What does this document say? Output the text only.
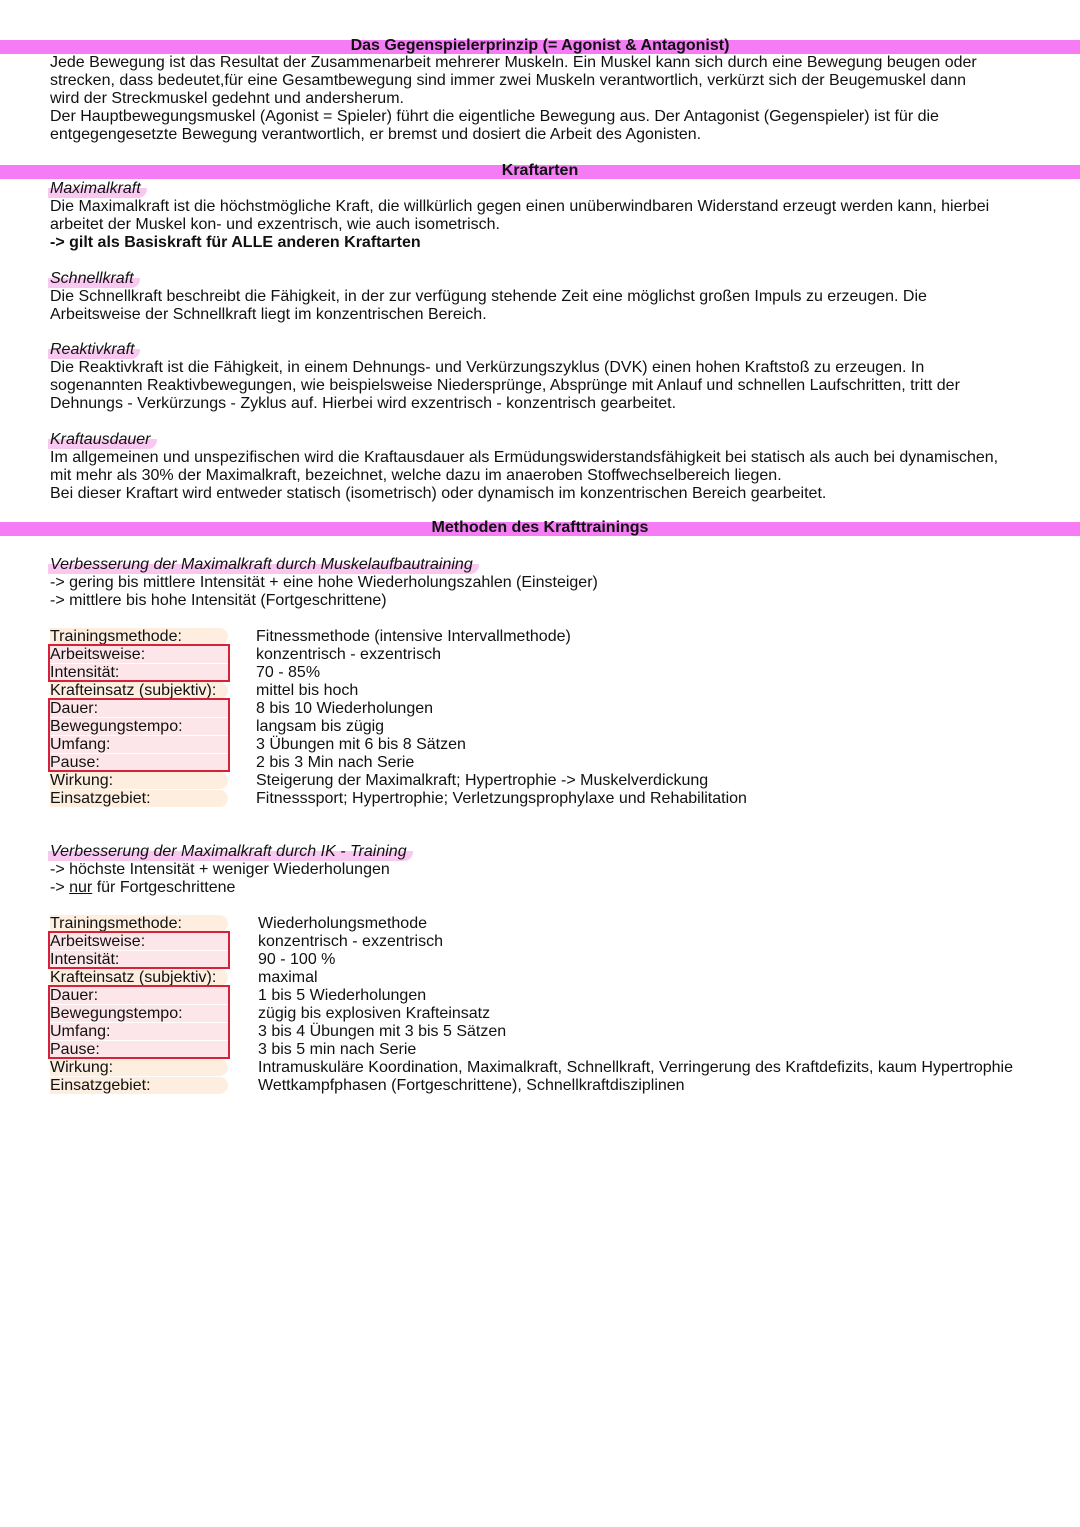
Das Gegenspielerprinzip (= Agonist & Antagonist)

Jede Bewegung ist das Resultat der Zusammenarbeit mehrerer Muskeln. Ein Muskel kann sich durch eine Bewegung beugen oder

strecken, dass bedeutet,für eine Gesamtbewegung sind immer zwei Muskeln verantwortlich, verkürzt sich der Beugemuskel dann

wird der Streckmuskel gedehnt und andersherum.

Der Hauptbewegungsmuskel (Agonist = Spieler) führt die eigentliche Bewegung aus. Der Antagonist (Gegenspieler) ist für die

entgegengesetzte Bewegung verantwortlich, er bremst und dosiert die Arbeit des Agonisten.

Kraftarten

Maximalkraft

Die Maximalkraft ist die höchstmögliche Kraft, die willkürlich gegen einen unüberwindbaren Widerstand erzeugt werden kann, hierbei

arbeitet der Muskel kon- und exzentrisch, wie auch isometrisch.

-> gilt als Basiskraft für ALLE anderen Kraftarten

Schnellkraft

Die Schnellkraft beschreibt die Fähigkeit, in der zur verfügung stehende Zeit eine möglichst großen Impuls zu erzeugen. Die

Arbeitsweise der Schnellkraft liegt im konzentrischen Bereich.

Reaktivkraft

Die Reaktivkraft ist die Fähigkeit, in einem Dehnungs- und Verkürzungszyklus (DVK) einen hohen Kraftstoß zu erzeugen. In

sogenannten Reaktivbewegungen, wie beispielsweise Niedersprünge, Absprünge mit Anlauf und schnellen Laufschritten, tritt der

Dehnungs - Verkürzungs - Zyklus auf. Hierbei wird exzentrisch - konzentrisch gearbeitet.

Kraftausdauer

Im allgemeinen und unspezifischen wird die Kraftausdauer als Ermüdungswiderstandsfähigkeit bei statisch als auch bei dynamischen,

mit mehr als 30% der Maximalkraft, bezeichnet, welche dazu im anaeroben Stoffwechselbereich liegen.

Bei dieser Kraftart wird entweder statisch (isometrisch) oder dynamisch im konzentrischen Bereich gearbeitet.

Methoden des Krafttrainings

Verbesserung der Maximalkraft durch Muskelaufbautraining

-> gering bis mittlere Intensität + eine hohe Wiederholungszahlen (Einsteiger)

-> mittlere bis hohe Intensität (Fortgeschrittene)

Trainingsmethode:	Fitnessmethode (intensive Intervallmethode)
Arbeitsweise:	konzentrisch - exzentrisch
Intensität:	70 - 85%
Krafteinsatz (subjektiv): mittel bis hoch
Dauer:	8 bis 10 Wiederholungen
Bewegungstempo:	langsam bis zügig
Umfang:	3 Übungen mit 6 bis 8 Sätzen
Pause:	2 bis 3 Min nach Serie
Wirkung:	Steigerung der Maximalkraft; Hypertrophie -> Muskelverdickung
Einsatzgebiet:	Fitnesssport; Hypertrophie; Verletzungsprophylaxe und Rehabilitation

Verbesserung der Maximalkraft durch IK - Training

-> höchste Intensität + weniger Wiederholungen

-> nur für Fortgeschrittene

Trainingsmethode:	Wiederholungsmethode
Arbeitsweise:	konzentrisch - exzentrisch
Intensität:	90 - 100 %
Krafteinsatz (subjektiv):	maximal
Dauer:	1 bis 5 Wiederholungen
Bewegungstempo:	zügig bis explosiven Krafteinsatz
Umfang:	3 bis 4 Übungen mit 3 bis 5 Sätzen
Pause:	3 bis 5 min nach Serie
Wirkung:	Intramuskuläre Koordination, Maximalkraft, Schnellkraft, Verringerung des Kraftdefizits, kaum Hypertrophie
Einsatzgebiet:	Wettkampfphasen (Fortgeschrittene), Schnellkraftdisziplinen
